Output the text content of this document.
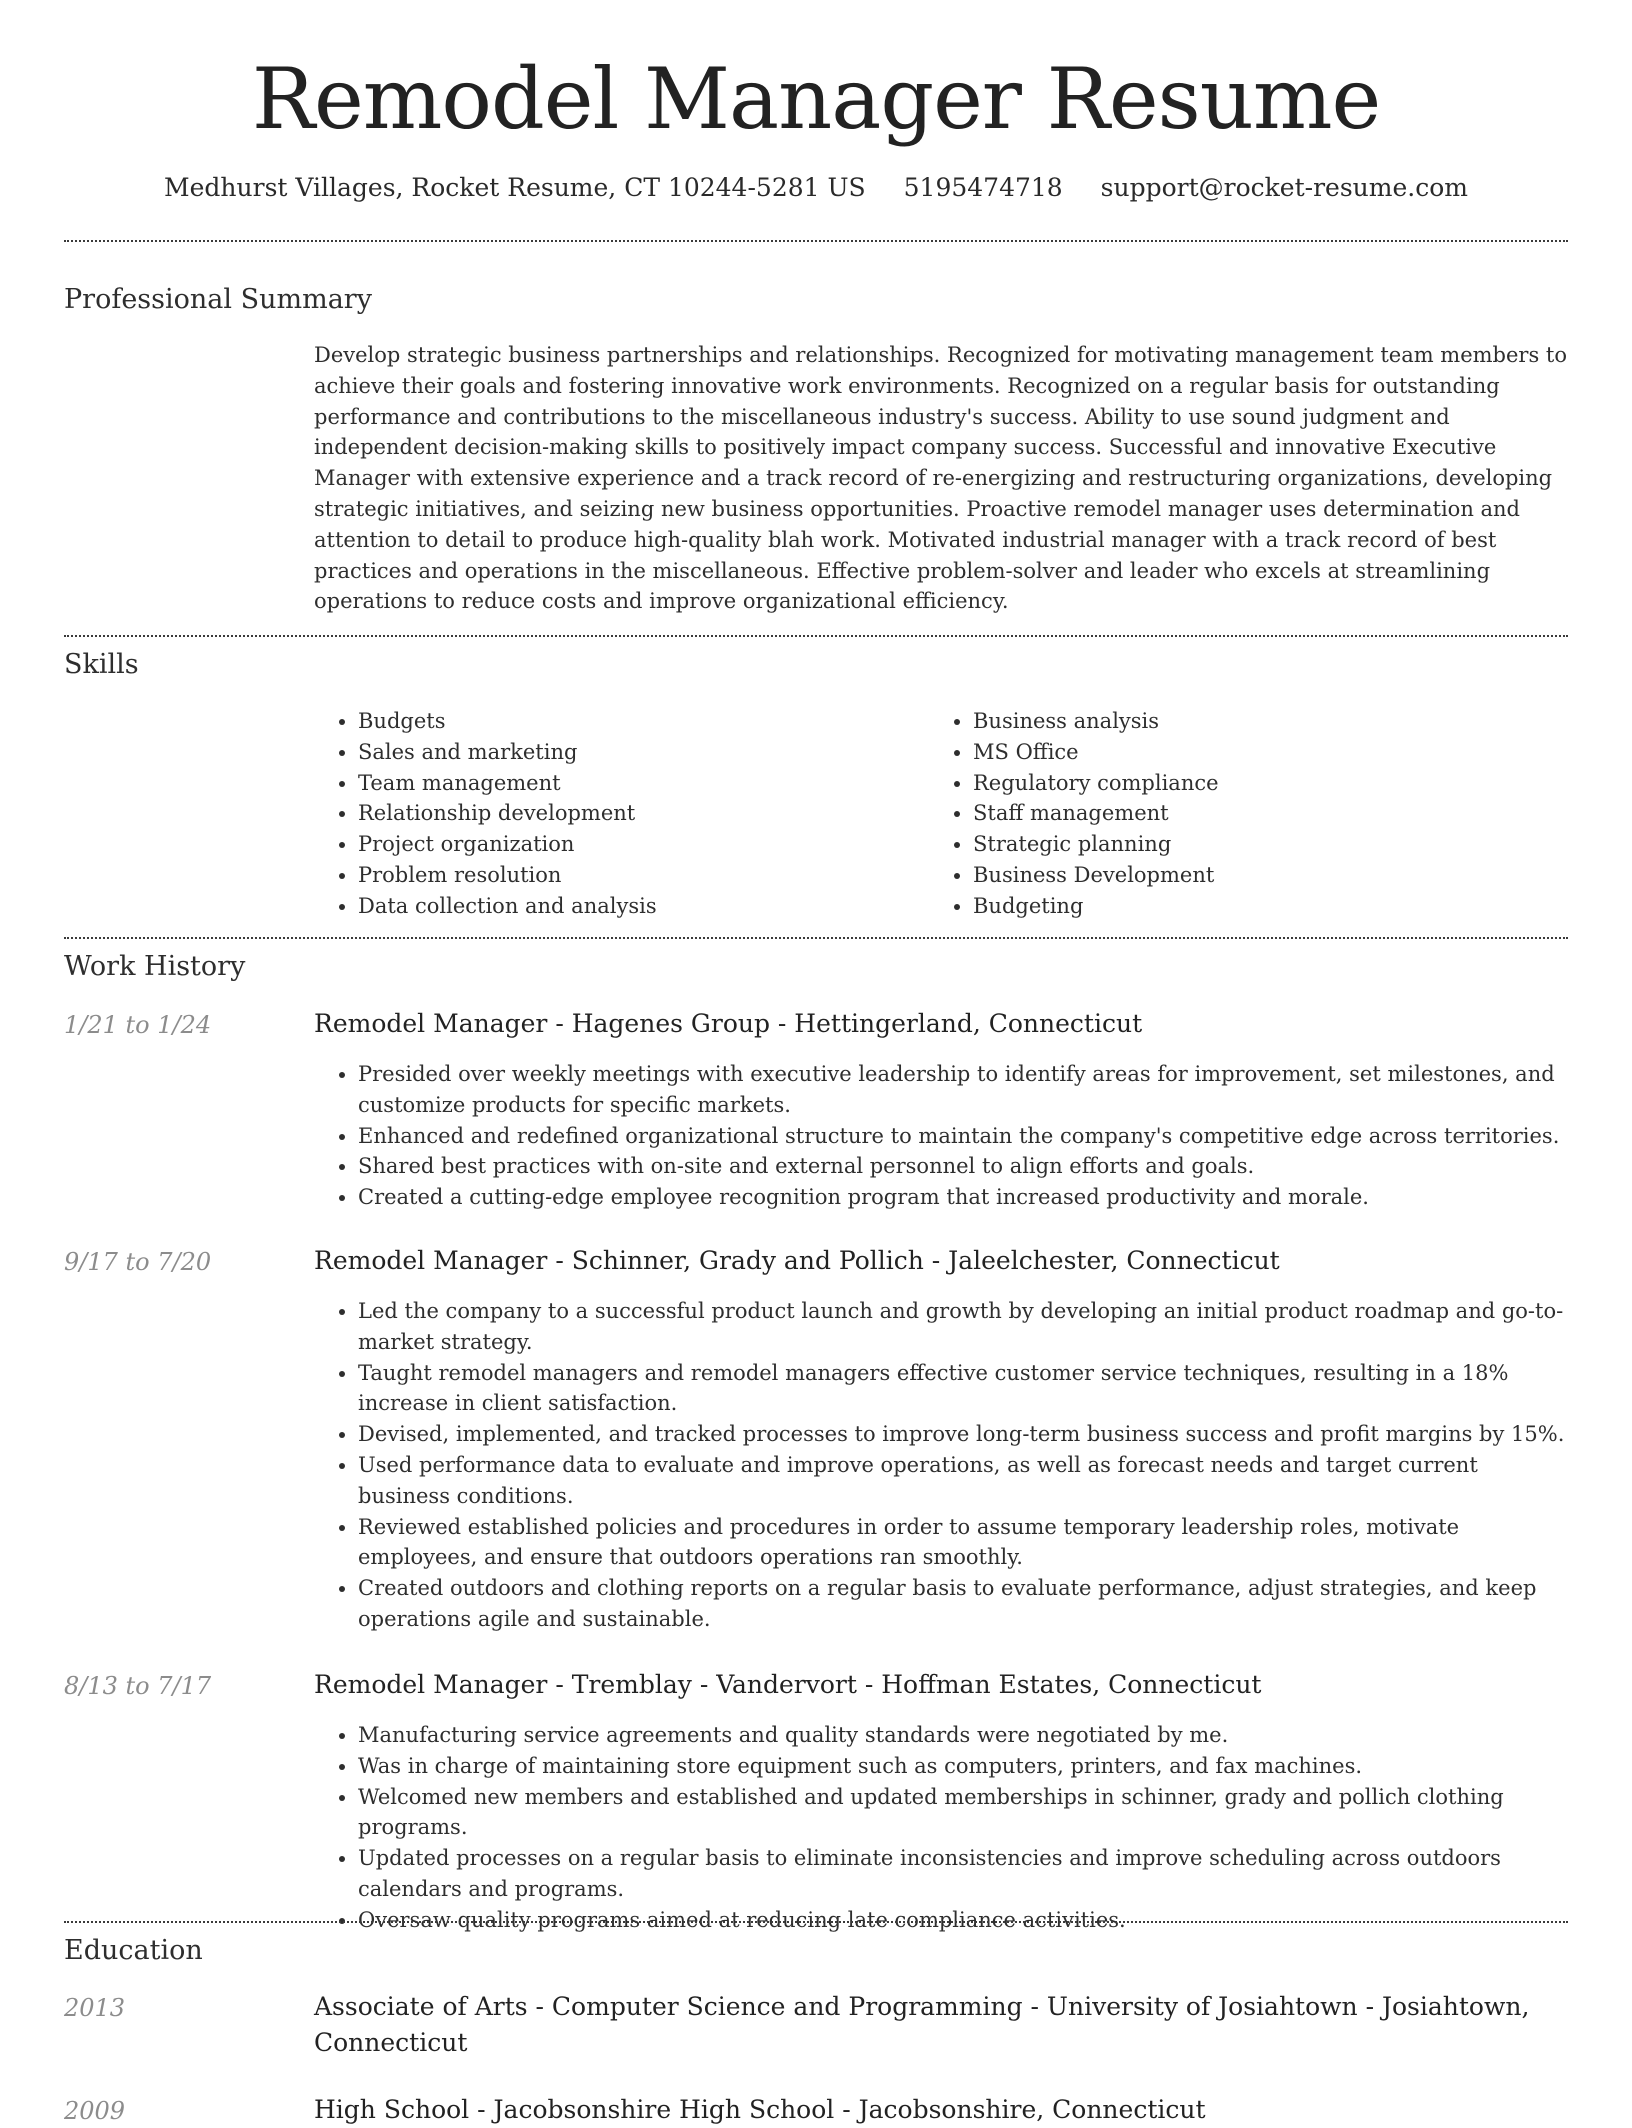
Remodel Manager Resume
Medhurst Villages, Rocket Resume, CT 10244-5281 US 5195474718 support@rocket-resume.com
Professional Summary

Develop strategic business partnerships and relationships. Recognized for motivating management team members to achieve their goals and fostering innovative work environments. Recognized on a regular basis for outstanding performance and contributions to the miscellaneous industry's success. Ability to use sound judgment and independent decision-making skills to positively impact company success. Successful and innovative Executive Manager with extensive experience and a track record of re-energizing and restructuring organizations, developing strategic initiatives, and seizing new business opportunities. Proactive remodel manager uses determination and attention to detail to produce high-quality blah work. Motivated industrial manager with a track record of best practices and operations in the miscellaneous. Effective problem-solver and leader who excels at streamlining operations to reduce costs and improve organizational efficiency.

Skills
• Budgets
• Sales and marketing
• Team management
• Relationship development
• Project organization
• Problem resolution
• Data collection and analysis
• Business analysis
• MS Office
• Regulatory compliance
• Staff management
• Strategic planning
• Business Development
• Budgeting
Work History
1/21 to 1/24	Remodel Manager - Hagenes Group - Hettingerland, Connecticut
• Presided over weekly meetings with executive leadership to identify areas for improvement, set milestones, and customize products for specific markets.
• Enhanced and redefined organizational structure to maintain the company's competitive edge across territories.
• Shared best practices with on-site and external personnel to align efforts and goals.
• Created a cutting-edge employee recognition program that increased productivity and morale.
9/17 to 7/20	Remodel Manager - Schinner, Grady and Pollich - Jaleelchester, Connecticut
• Led the company to a successful product launch and growth by developing an initial product roadmap and go-to-market strategy.
• Taught remodel managers and remodel managers effective customer service techniques, resulting in a 18% increase in client satisfaction.
• Devised, implemented, and tracked processes to improve long-term business success and profit margins by 15%.
• Used performance data to evaluate and improve operations, as well as forecast needs and target current business conditions.
• Reviewed established policies and procedures in order to assume temporary leadership roles, motivate employees, and ensure that outdoors operations ran smoothly.
• Created outdoors and clothing reports on a regular basis to evaluate performance, adjust strategies, and keep operations agile and sustainable.
8/13 to 7/17	Remodel Manager - Tremblay - Vandervort - Hoffman Estates, Connecticut
• Manufacturing service agreements and quality standards were negotiated by me.
• Was in charge of maintaining store equipment such as computers, printers, and fax machines.
• Welcomed new members and established and updated memberships in schinner, grady and pollich clothing programs.
• Updated processes on a regular basis to eliminate inconsistencies and improve scheduling across outdoors calendars and programs.
• Oversaw quality programs aimed at reducing late compliance activities.
Education
2013	Associate of Arts - Computer Science and Programming - University of Josiahtown - Josiahtown, Connecticut
2009	High School - Jacobsonshire High School - Jacobsonshire, Connecticut
